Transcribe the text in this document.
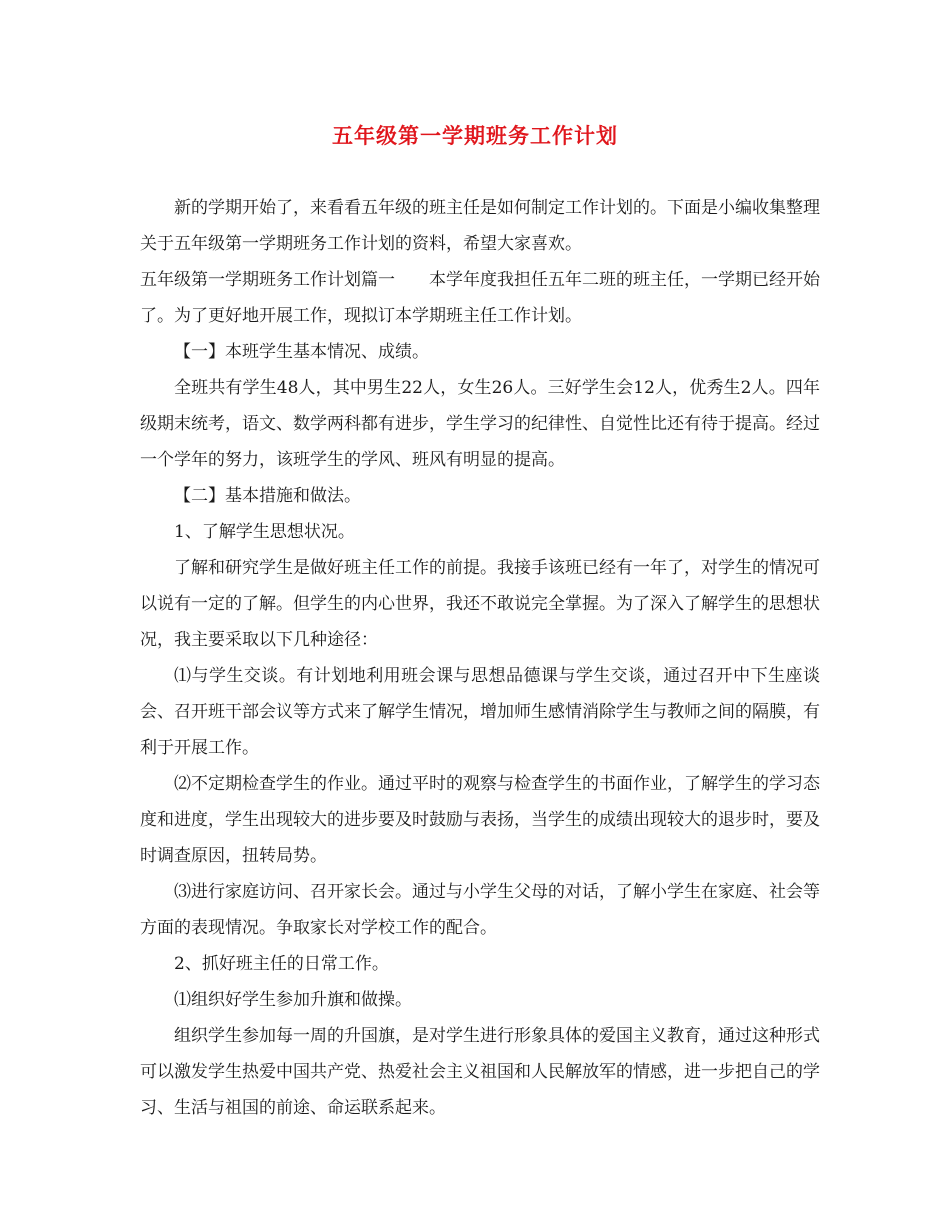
五年级第一学期班务工作计划

新的学期开始了，来看看五年级的班主任是如何制定工作计划的。下面是小编收集整理关于五年级第一学期班务工作计划的资料，希望大家喜欢。

五年级第一学期班务工作计划篇一　　本学年度我担任五年二班的班主任，一学期已经开始了。为了更好地开展工作，现拟订本学期班主任工作计划。

【一】本班学生基本情况、成绩。

全班共有学生48人，其中男生22人，女生26人。三好学生会12人，优秀生2人。四年级期末统考，语文、数学两科都有进步，学生学习的纪律性、自觉性比还有待于提高。经过一个学年的努力，该班学生的学风、班风有明显的提高。

【二】基本措施和做法。

1、了解学生思想状况。

了解和研究学生是做好班主任工作的前提。我接手该班已经有一年了，对学生的情况可以说有一定的了解。但学生的内心世界，我还不敢说完全掌握。为了深入了解学生的思想状况，我主要采取以下几种途径：

⑴与学生交谈。有计划地利用班会课与思想品德课与学生交谈，通过召开中下生座谈会、召开班干部会议等方式来了解学生情况，增加师生感情消除学生与教师之间的隔膜，有利于开展工作。

⑵不定期检查学生的作业。通过平时的观察与检查学生的书面作业，了解学生的学习态度和进度，学生出现较大的进步要及时鼓励与表扬，当学生的成绩出现较大的退步时，要及时调查原因，扭转局势。

⑶进行家庭访问、召开家长会。通过与小学生父母的对话，了解小学生在家庭、社会等方面的表现情况。争取家长对学校工作的配合。

2、抓好班主任的日常工作。

⑴组织好学生参加升旗和做操。

组织学生参加每一周的升国旗，是对学生进行形象具体的爱国主义教育，通过这种形式可以激发学生热爱中国共产党、热爱社会主义祖国和人民解放军的情感，进一步把自己的学习、生活与祖国的前途、命运联系起来。
